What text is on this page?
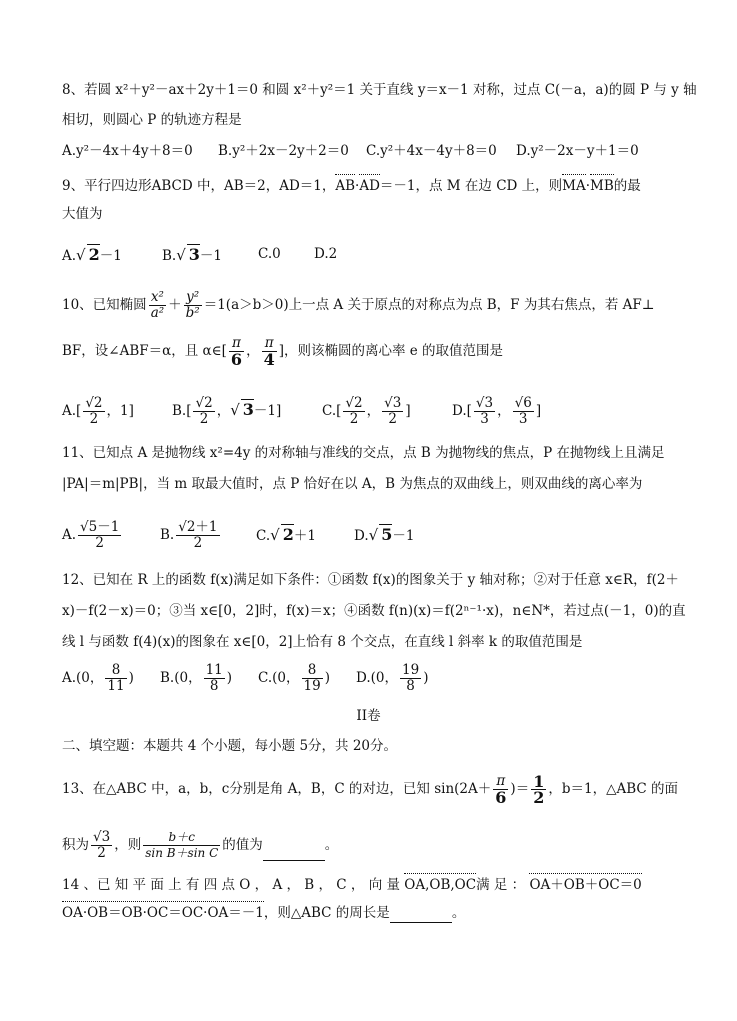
8、若圆 x²＋y²－ax＋2y＋1＝0 和圆 x²＋y²＝1 关于直线 y＝x－1 对称，过点 C(－a，a)的圆 P 与 y 轴
相切，则圆心 P 的轨迹方程是
A.y²－4x＋4y＋8＝0 B.y²＋2x－2y＋2＝0 C.y²＋4x－4y＋8＝0 D.y²－2x－y＋1＝0
9、平行四边形ABCD 中，AB＝2，AD＝1，AB·AD＝－1，点 M 在边 CD 上，则MA·MB的最
大值为
A.√ 2－1	B.√ 3－1	C.0 D.2
10、已知椭圆 $\frac{\text{x²}}{\text{a²}} + \frac{\text{y²}}{\text{b²}} =1(a>b>0)$上一点 A 关于原点的对称点为点 B，F 为其右焦点，若 AF⊥
BF，设∠ABF＝α，且 α∈[ $\frac{\pi}{6}$ ， $\frac{\pi}{4}$ ]，则该椭圆的离心率 e 的取值范围是
$A.[ \frac{√2}{2}$ ，1]	$B.[ \frac{√2}{2}$ ，√ 3－1]	$C.[ \frac{√2}{2}$ ， $\frac{√3}{2}$ ]	$D.[ \frac{√3}{3}$ ， $\frac{√6}{3}$ ]
11、已知点 A 是抛物线 x²=4y 的对称轴与准线的交点，点 B 为抛物线的焦点，P 在抛物线上且满足
|PA|＝m|PB|，当 m 取最大值时，点 P 恰好在以 A，B 为焦点的双曲线上，则双曲线的离心率为
A. $\frac{√5-1}{2}$	B. $\frac{√2+1}{2}$	C.√ 2＋1	D.√ 5－1
12、已知在 R 上的函数 f(x)满足如下条件：①函数 f(x)的图象关于 y 轴对称；②对于任意 x∈R，f(2＋
x)－f(2－x)＝0；③当 x∈[0，2]时，f(x)＝x；④函数 f(n)(x)＝f(2ⁿ⁻¹·x)，n∈N*，若过点(－1，0)的直
线 l 与函数 f(4)(x)的图象在 x∈[0，2]上恰有 8 个交点，在直线 l 斜率 k 的取值范围是
A.(0， $\frac{8}{11}$ ) B.(0， $\frac{11}{8}$ ) C.(0， $\frac{8}{19}$ ) D.(0， $\frac{19}{8}$ )
II卷
二、填空题：本题共 4 个小题，每小题 5分，共 20分。
13、在△ABC 中，a，b，c分别是角 A，B，C 的对边，已知 $\sin(2A+ \frac{\pi}{6}$ )＝ $\frac{1}{2}$ ，b＝1，△ABC 的面
积为 $\frac{√3}{2}$ ，则 $\frac{b+c}{\text{sin B＋sin C}}$ 的值为	。
14 、已 知 平 面 上 有 四 点 O ， A ， B ， C ， 向 量 OA,OB,OC满 足 ： OA＋OB＋OC＝0
OA·OB＝OB·OC＝OC·OA＝－1，则△ABC 的周长是	。
